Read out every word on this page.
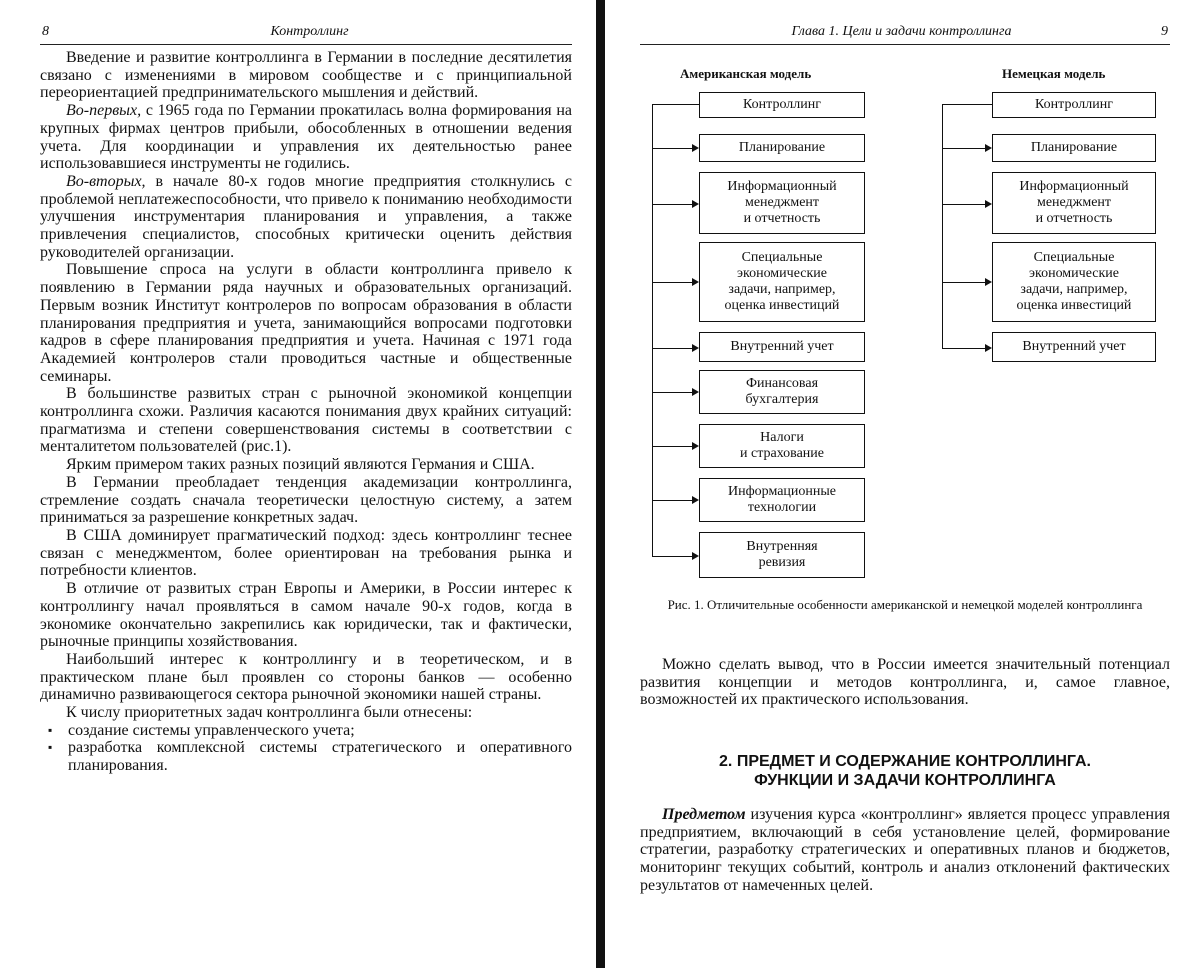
8	Контроллинг

Введение и развитие контроллинга в Германии в последние десятилетия связано с изменениями в мировом сообществе и с принципиальной переориентацией предпринимательского мышления и действий.

Во-первых, с 1965 года по Германии прокатилась волна формирования на крупных фирмах центров прибыли, обособленных в отношении ведения учета. Для координации и управления их деятельностью ранее использовавшиеся инструменты не годились.

Во-вторых, в начале 80-х годов многие предприятия столкнулись с проблемой неплатежеспособности, что привело к пониманию необходимости улучшения инструментария планирования и управления, а также привлечения специалистов, способных критически оценить действия руководителей организации.

Повышение спроса на услуги в области контроллинга привело к появлению в Германии ряда научных и образовательных организаций. Первым возник Институт контролеров по вопросам образования в области планирования предприятия и учета, занимающийся вопросами подготовки кадров в сфере планирования предприятия и учета. Начиная с 1971 года Академией контролеров стали проводиться частные и общественные семинары.

В большинстве развитых стран с рыночной экономикой концепции контроллинга схожи. Различия касаются понимания двух крайних ситуаций: прагматизма и степени совершенствования системы в соответствии с менталитетом пользователей (рис.1).

Ярким примером таких разных позиций являются Германия и США.

В Германии преобладает тенденция академизации контроллинга, стремление создать сначала теоретически целостную систему, а затем приниматься за разрешение конкретных задач.

В США доминирует прагматический подход: здесь контроллинг теснее связан с менеджментом, более ориентирован на требования рынка и потребности клиентов.

В отличие от развитых стран Европы и Америки, в России интерес к контроллингу начал проявляться в самом начале 90-х годов, когда в экономике окончательно закрепились как юридически, так и фактически, рыночные принципы хозяйствования.

Наибольший интерес к контроллингу и в теоретическом, и в практическом плане был проявлен со стороны банков — особенно динамично развивающегося сектора рыночной экономики нашей страны.

К числу приоритетных задач контроллинга были отнесены:

▪ создание системы управленческого учета;
▪ разработка комплексной системы стратегического и оперативного планирования.
Глава 1. Цели и задачи контроллинга	9
Американская модель	Немецкая модель
Контроллинг
Планирование
Информационный
менеджмент
и отчетность
Специальные
экономические
задачи, например,
оценка инвестиций
Внутренний учет
Финансовая
бухгалтерия
Налоги
и страхование
Информационные
технологии
Внутренняя
ревизия
Контроллинг
Планирование
Информационный
менеджмент
и отчетность
Специальные
экономические
задачи, например,
оценка инвестиций
Внутренний учет
Рис. 1. Отличительные особенности американской и немецкой моделей контроллинга

Можно сделать вывод, что в России имеется значительный потенциал развития концепции и методов контроллинга, и, самое главное, возможностей их практического использования.

2. ПРЕДМЕТ И СОДЕРЖАНИЕ КОНТРОЛЛИНГА.
ФУНКЦИИ И ЗАДАЧИ КОНТРОЛЛИНГА

Предметом изучения курса «контроллинг» является процесс управления предприятием, включающий в себя установление целей, формирование стратегии, разработку стратегических и оперативных планов и бюджетов, мониторинг текущих событий, контроль и анализ отклонений фактических результатов от намеченных целей.
